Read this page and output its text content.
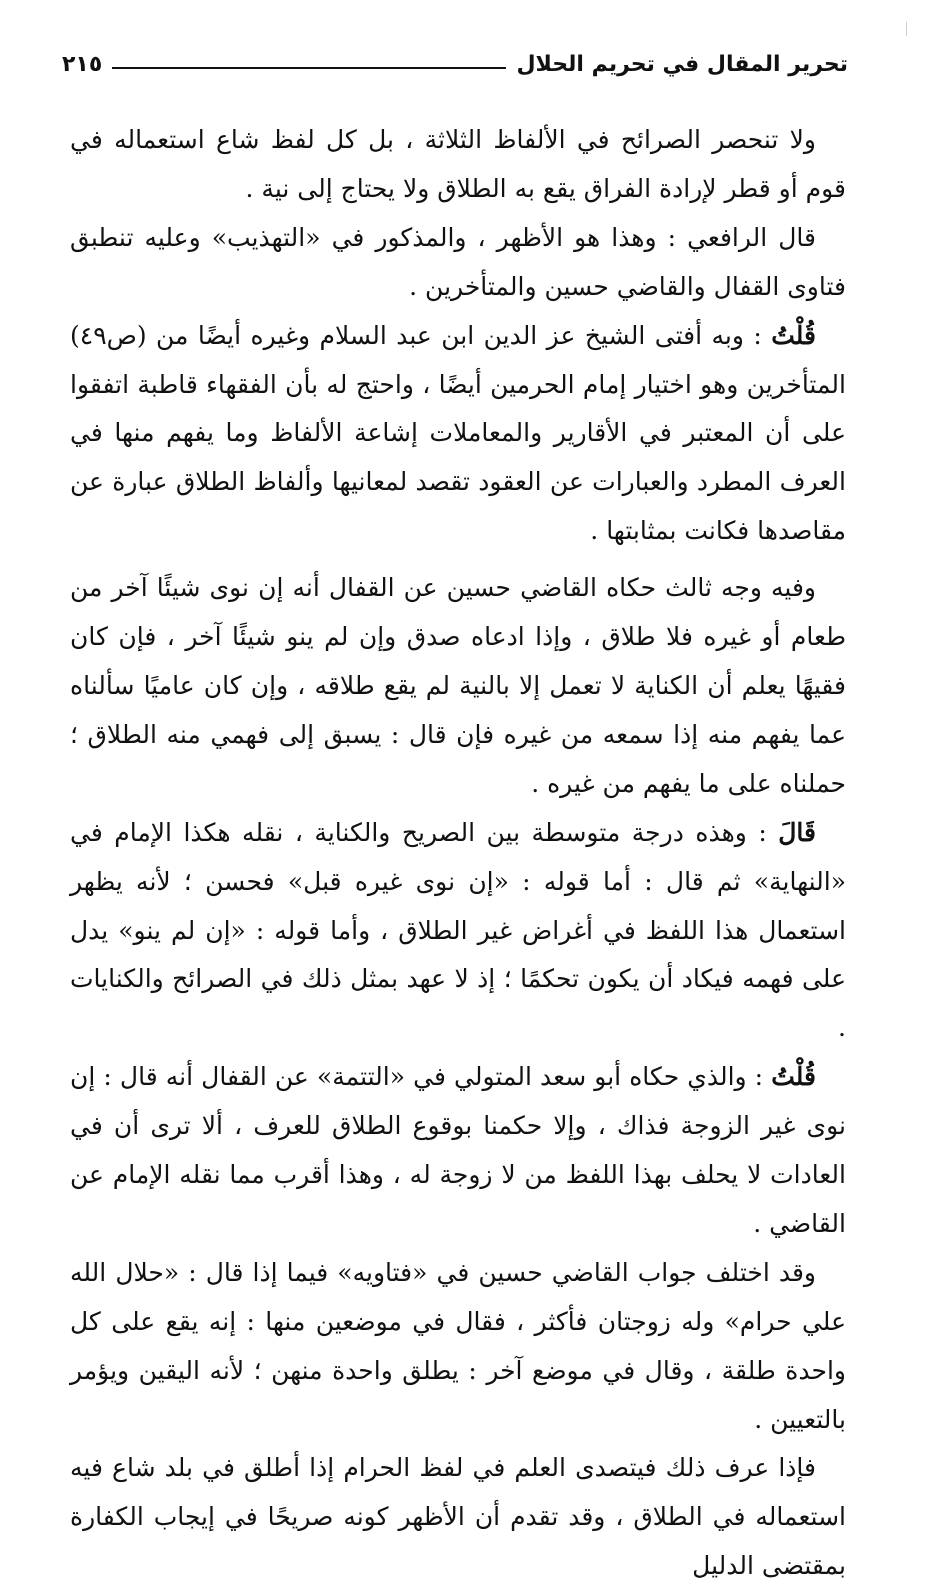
تحرير المقال في تحريم الحلال
٢١٥

ولا تنحصر الصرائح في الألفاظ الثلاثة ، بل كل لفظ شاع استعماله في قوم أو قطر لإرادة الفراق يقع به الطلاق ولا يحتاج إلى نية .

قال الرافعي : وهذا هو الأظهر ، والمذكور في «التهذيب» وعليه تنطبق فتاوى القفال والقاضي حسين والمتأخرين .

قُلْتُ : وبه أفتى الشيخ عز الدين ابن عبد السلام وغيره أيضًا من (ص٤٩) المتأخرين وهو اختيار إمام الحرمين أيضًا ، واحتج له بأن الفقهاء قاطبة اتفقوا على أن المعتبر في الأقارير والمعاملات إشاعة الألفاظ وما يفهم منها في العرف المطرد والعبارات عن العقود تقصد لمعانيها وألفاظ الطلاق عبارة عن مقاصدها فكانت بمثابتها .

وفيه وجه ثالث حكاه القاضي حسين عن القفال أنه إن نوى شيئًا آخر من طعام أو غيره فلا طلاق ، وإذا ادعاه صدق وإن لم ينو شيئًا آخر ، فإن كان فقيهًا يعلم أن الكناية لا تعمل إلا بالنية لم يقع طلاقه ، وإن كان عاميًا سألناه عما يفهم منه إذا سمعه من غيره فإن قال : يسبق إلى فهمي منه الطلاق ؛ حملناه على ما يفهم من غيره .

قَالَ : وهذه درجة متوسطة بين الصريح والكناية ، نقله هكذا الإمام في «النهاية» ثم قال : أما قوله : «إن نوى غيره قبل» فحسن ؛ لأنه يظهر استعمال هذا اللفظ في أغراض غير الطلاق ، وأما قوله : «إن لم ينو» يدل على فهمه فيكاد أن يكون تحكمًا ؛ إذ لا عهد بمثل ذلك في الصرائح والكنايات .

قُلْتُ : والذي حكاه أبو سعد المتولي في «التتمة» عن القفال أنه قال : إن نوى غير الزوجة فذاك ، وإلا حكمنا بوقوع الطلاق للعرف ، ألا ترى أن في العادات لا يحلف بهذا اللفظ من لا زوجة له ، وهذا أقرب مما نقله الإمام عن القاضي .

وقد اختلف جواب القاضي حسين في «فتاويه» فيما إذا قال : «حلال الله علي حرام» وله زوجتان فأكثر ، فقال في موضعين منها : إنه يقع على كل واحدة طلقة ، وقال في موضع آخر : يطلق واحدة منهن ؛ لأنه اليقين ويؤمر بالتعيين .

فإذا عرف ذلك فيتصدى العلم في لفظ الحرام إذا أطلق في بلد شاع فيه استعماله في الطلاق ، وقد تقدم أن الأظهر كونه صريحًا في إيجاب الكفارة بمقتضى الدليل
